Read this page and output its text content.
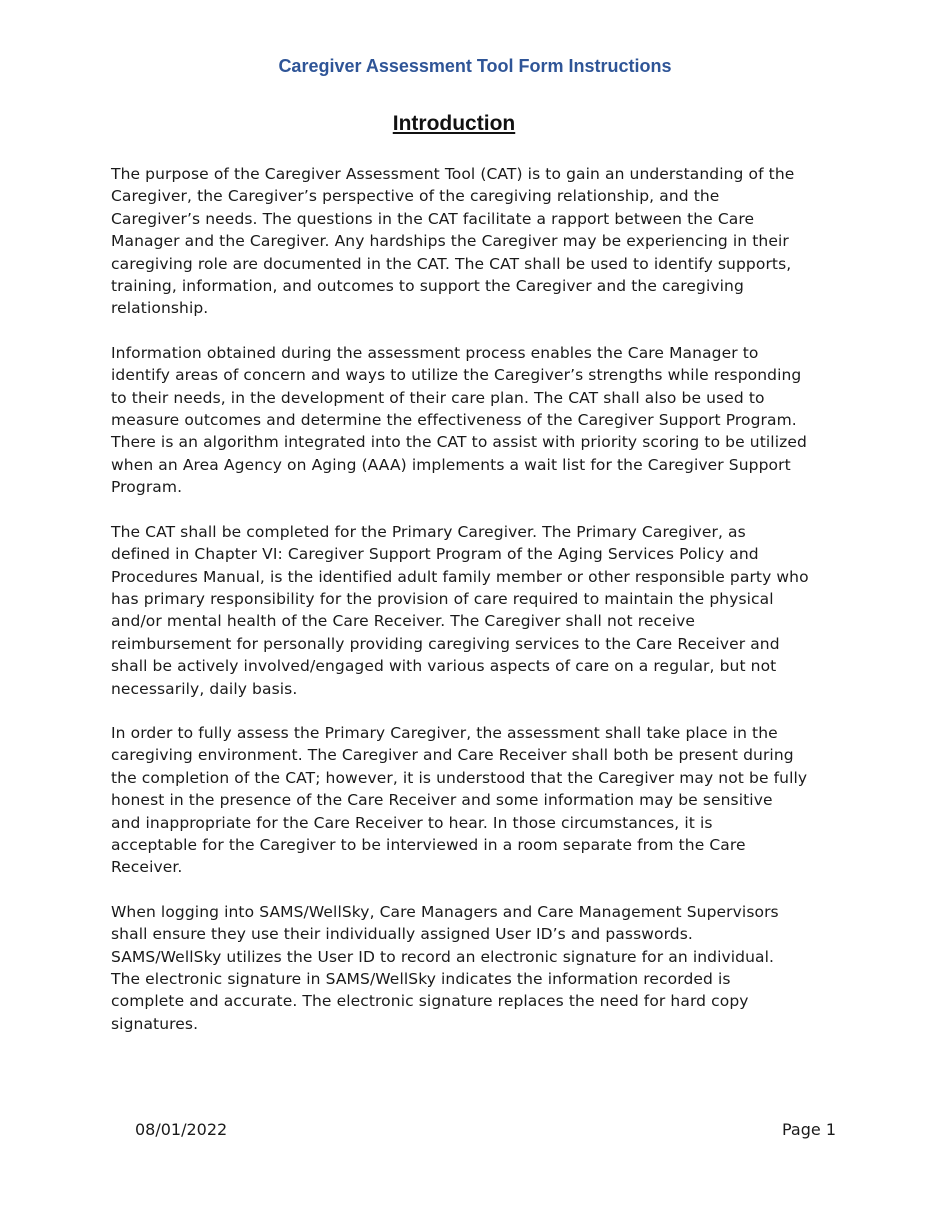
Caregiver Assessment Tool Form Instructions
Introduction

The purpose of the Caregiver Assessment Tool (CAT) is to gain an understanding of the
Caregiver, the Caregiver’s perspective of the caregiving relationship, and the
Caregiver’s needs. The questions in the CAT facilitate a rapport between the Care
Manager and the Caregiver. Any hardships the Caregiver may be experiencing in their
caregiving role are documented in the CAT. The CAT shall be used to identify supports,
training, information, and outcomes to support the Caregiver and the caregiving
relationship.

Information obtained during the assessment process enables the Care Manager to
identify areas of concern and ways to utilize the Caregiver’s strengths while responding
to their needs, in the development of their care plan. The CAT shall also be used to
measure outcomes and determine the effectiveness of the Caregiver Support Program.
There is an algorithm integrated into the CAT to assist with priority scoring to be utilized
when an Area Agency on Aging (AAA) implements a wait list for the Caregiver Support
Program.

The CAT shall be completed for the Primary Caregiver. The Primary Caregiver, as
defined in Chapter VI: Caregiver Support Program of the Aging Services Policy and
Procedures Manual, is the identified adult family member or other responsible party who
has primary responsibility for the provision of care required to maintain the physical
and/or mental health of the Care Receiver. The Caregiver shall not receive
reimbursement for personally providing caregiving services to the Care Receiver and
shall be actively involved/engaged with various aspects of care on a regular, but not
necessarily, daily basis.

In order to fully assess the Primary Caregiver, the assessment shall take place in the
caregiving environment. The Caregiver and Care Receiver shall both be present during
the completion of the CAT; however, it is understood that the Caregiver may not be fully
honest in the presence of the Care Receiver and some information may be sensitive
and inappropriate for the Care Receiver to hear. In those circumstances, it is
acceptable for the Caregiver to be interviewed in a room separate from the Care
Receiver.

When logging into SAMS/WellSky, Care Managers and Care Management Supervisors
shall ensure they use their individually assigned User ID’s and passwords.
SAMS/WellSky utilizes the User ID to record an electronic signature for an individual.
The electronic signature in SAMS/WellSky indicates the information recorded is
complete and accurate. The electronic signature replaces the need for hard copy
signatures.

08/01/2022	Page 1
